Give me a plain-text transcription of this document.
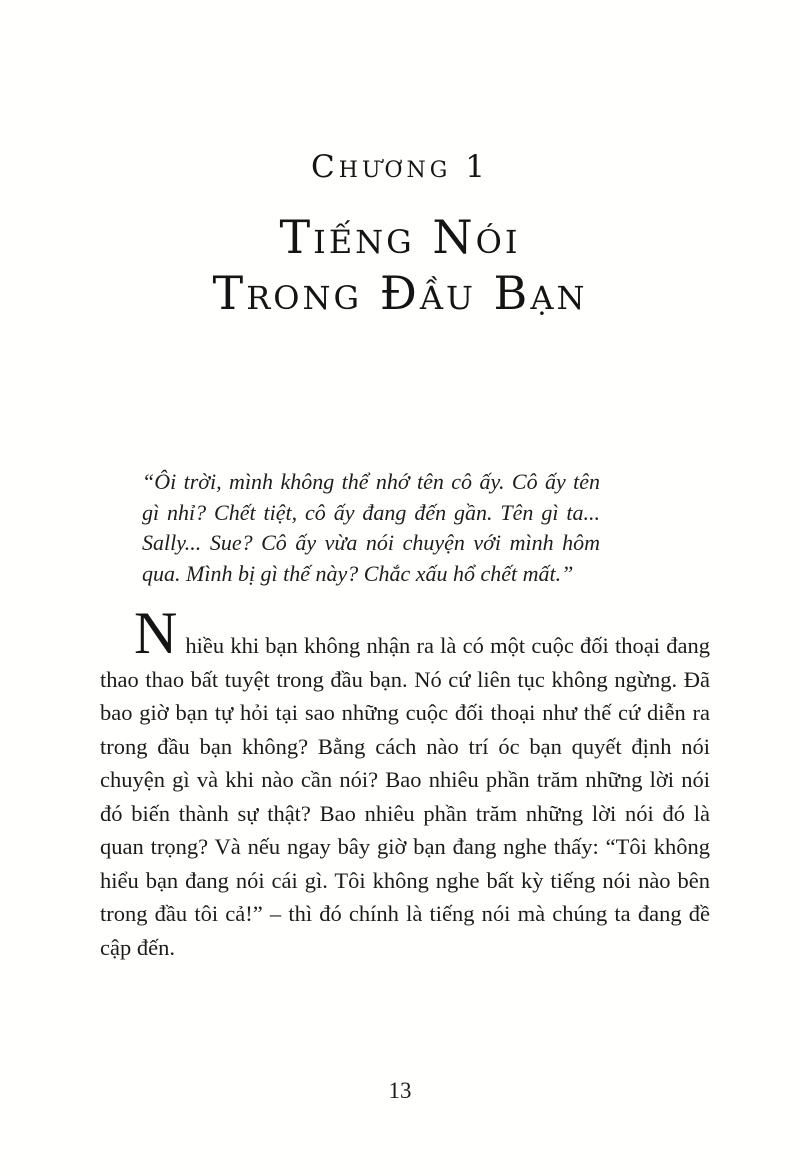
Chương 1
Tiếng Nói
Trong Đầu Bạn
“Ôi trời, mình không thể nhớ tên cô ấy. Cô ấy tên gì nhỉ? Chết tiệt, cô ấy đang đến gần. Tên gì ta... Sally... Sue? Cô ấy vừa nói chuyện với mình hôm qua. Mình bị gì thế này? Chắc xấu hổ chết mất.”

Nhiều khi bạn không nhận ra là có một cuộc đối thoại đang thao thao bất tuyệt trong đầu bạn. Nó cứ liên tục không ngừng. Đã bao giờ bạn tự hỏi tại sao những cuộc đối thoại như thế cứ diễn ra trong đầu bạn không? Bằng cách nào trí óc bạn quyết định nói chuyện gì và khi nào cần nói? Bao nhiêu phần trăm những lời nói đó biến thành sự thật? Bao nhiêu phần trăm những lời nói đó là quan trọng? Và nếu ngay bây giờ bạn đang nghe thấy: “Tôi không hiểu bạn đang nói cái gì. Tôi không nghe bất kỳ tiếng nói nào bên trong đầu tôi cả!” – thì đó chính là tiếng nói mà chúng ta đang đề cập đến.

13
